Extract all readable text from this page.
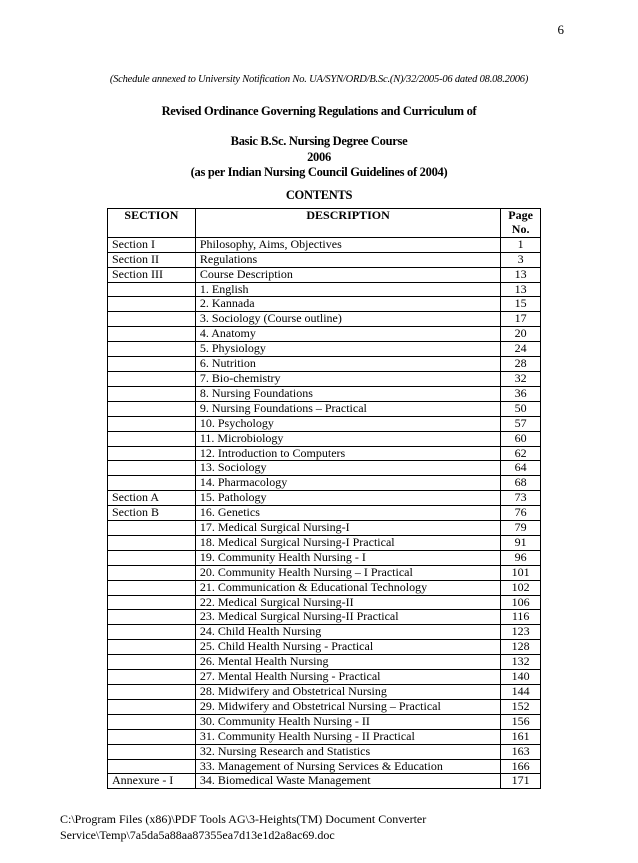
6
(Schedule annexed to University Notification No. UA/SYN/ORD/B.Sc.(N)/32/2005-06 dated 08.08.2006)
Revised Ordinance Governing Regulations and Curriculum of
Basic B.Sc. Nursing Degree Course
2006
(as per Indian Nursing Council Guidelines of 2004)
CONTENTS
SECTION	DESCRIPTION	Page No.
Section I	Philosophy, Aims, Objectives	1
Section II	Regulations	3
Section III	Course Description	13
	1. English	13
	2. Kannada	15
	3. Sociology (Course outline)	17
	4. Anatomy	20
	5. Physiology	24
	6. Nutrition	28
	7. Bio-chemistry	32
	8. Nursing Foundations	36
	9. Nursing Foundations – Practical	50
	10. Psychology	57
	11. Microbiology	60
	12. Introduction to Computers	62
	13. Sociology	64
	14. Pharmacology	68
Section A	15. Pathology	73
Section B	16. Genetics	76
	17. Medical Surgical Nursing-I	79
	18. Medical Surgical Nursing-I Practical	91
	19. Community Health Nursing - I	96
	20. Community Health Nursing – I Practical	101
	21. Communication & Educational Technology	102
	22. Medical Surgical Nursing-II	106
	23. Medical Surgical Nursing-II Practical	116
	24. Child Health Nursing	123
	25. Child Health Nursing - Practical	128
	26. Mental Health Nursing	132
	27. Mental Health Nursing - Practical	140
	28. Midwifery and Obstetrical Nursing	144
	29. Midwifery and Obstetrical Nursing – Practical	152
	30. Community Health Nursing - II	156
	31. Community Health Nursing - II Practical	161
	32. Nursing Research and Statistics	163
	33. Management of Nursing Services & Education	166
Annexure - I	34. Biomedical Waste Management	171
C:\Program Files (x86)\PDF Tools AG\3-Heights(TM) Document Converter
Service\Temp\7a5da5a88aa87355ea7d13e1d2a8ac69.doc
